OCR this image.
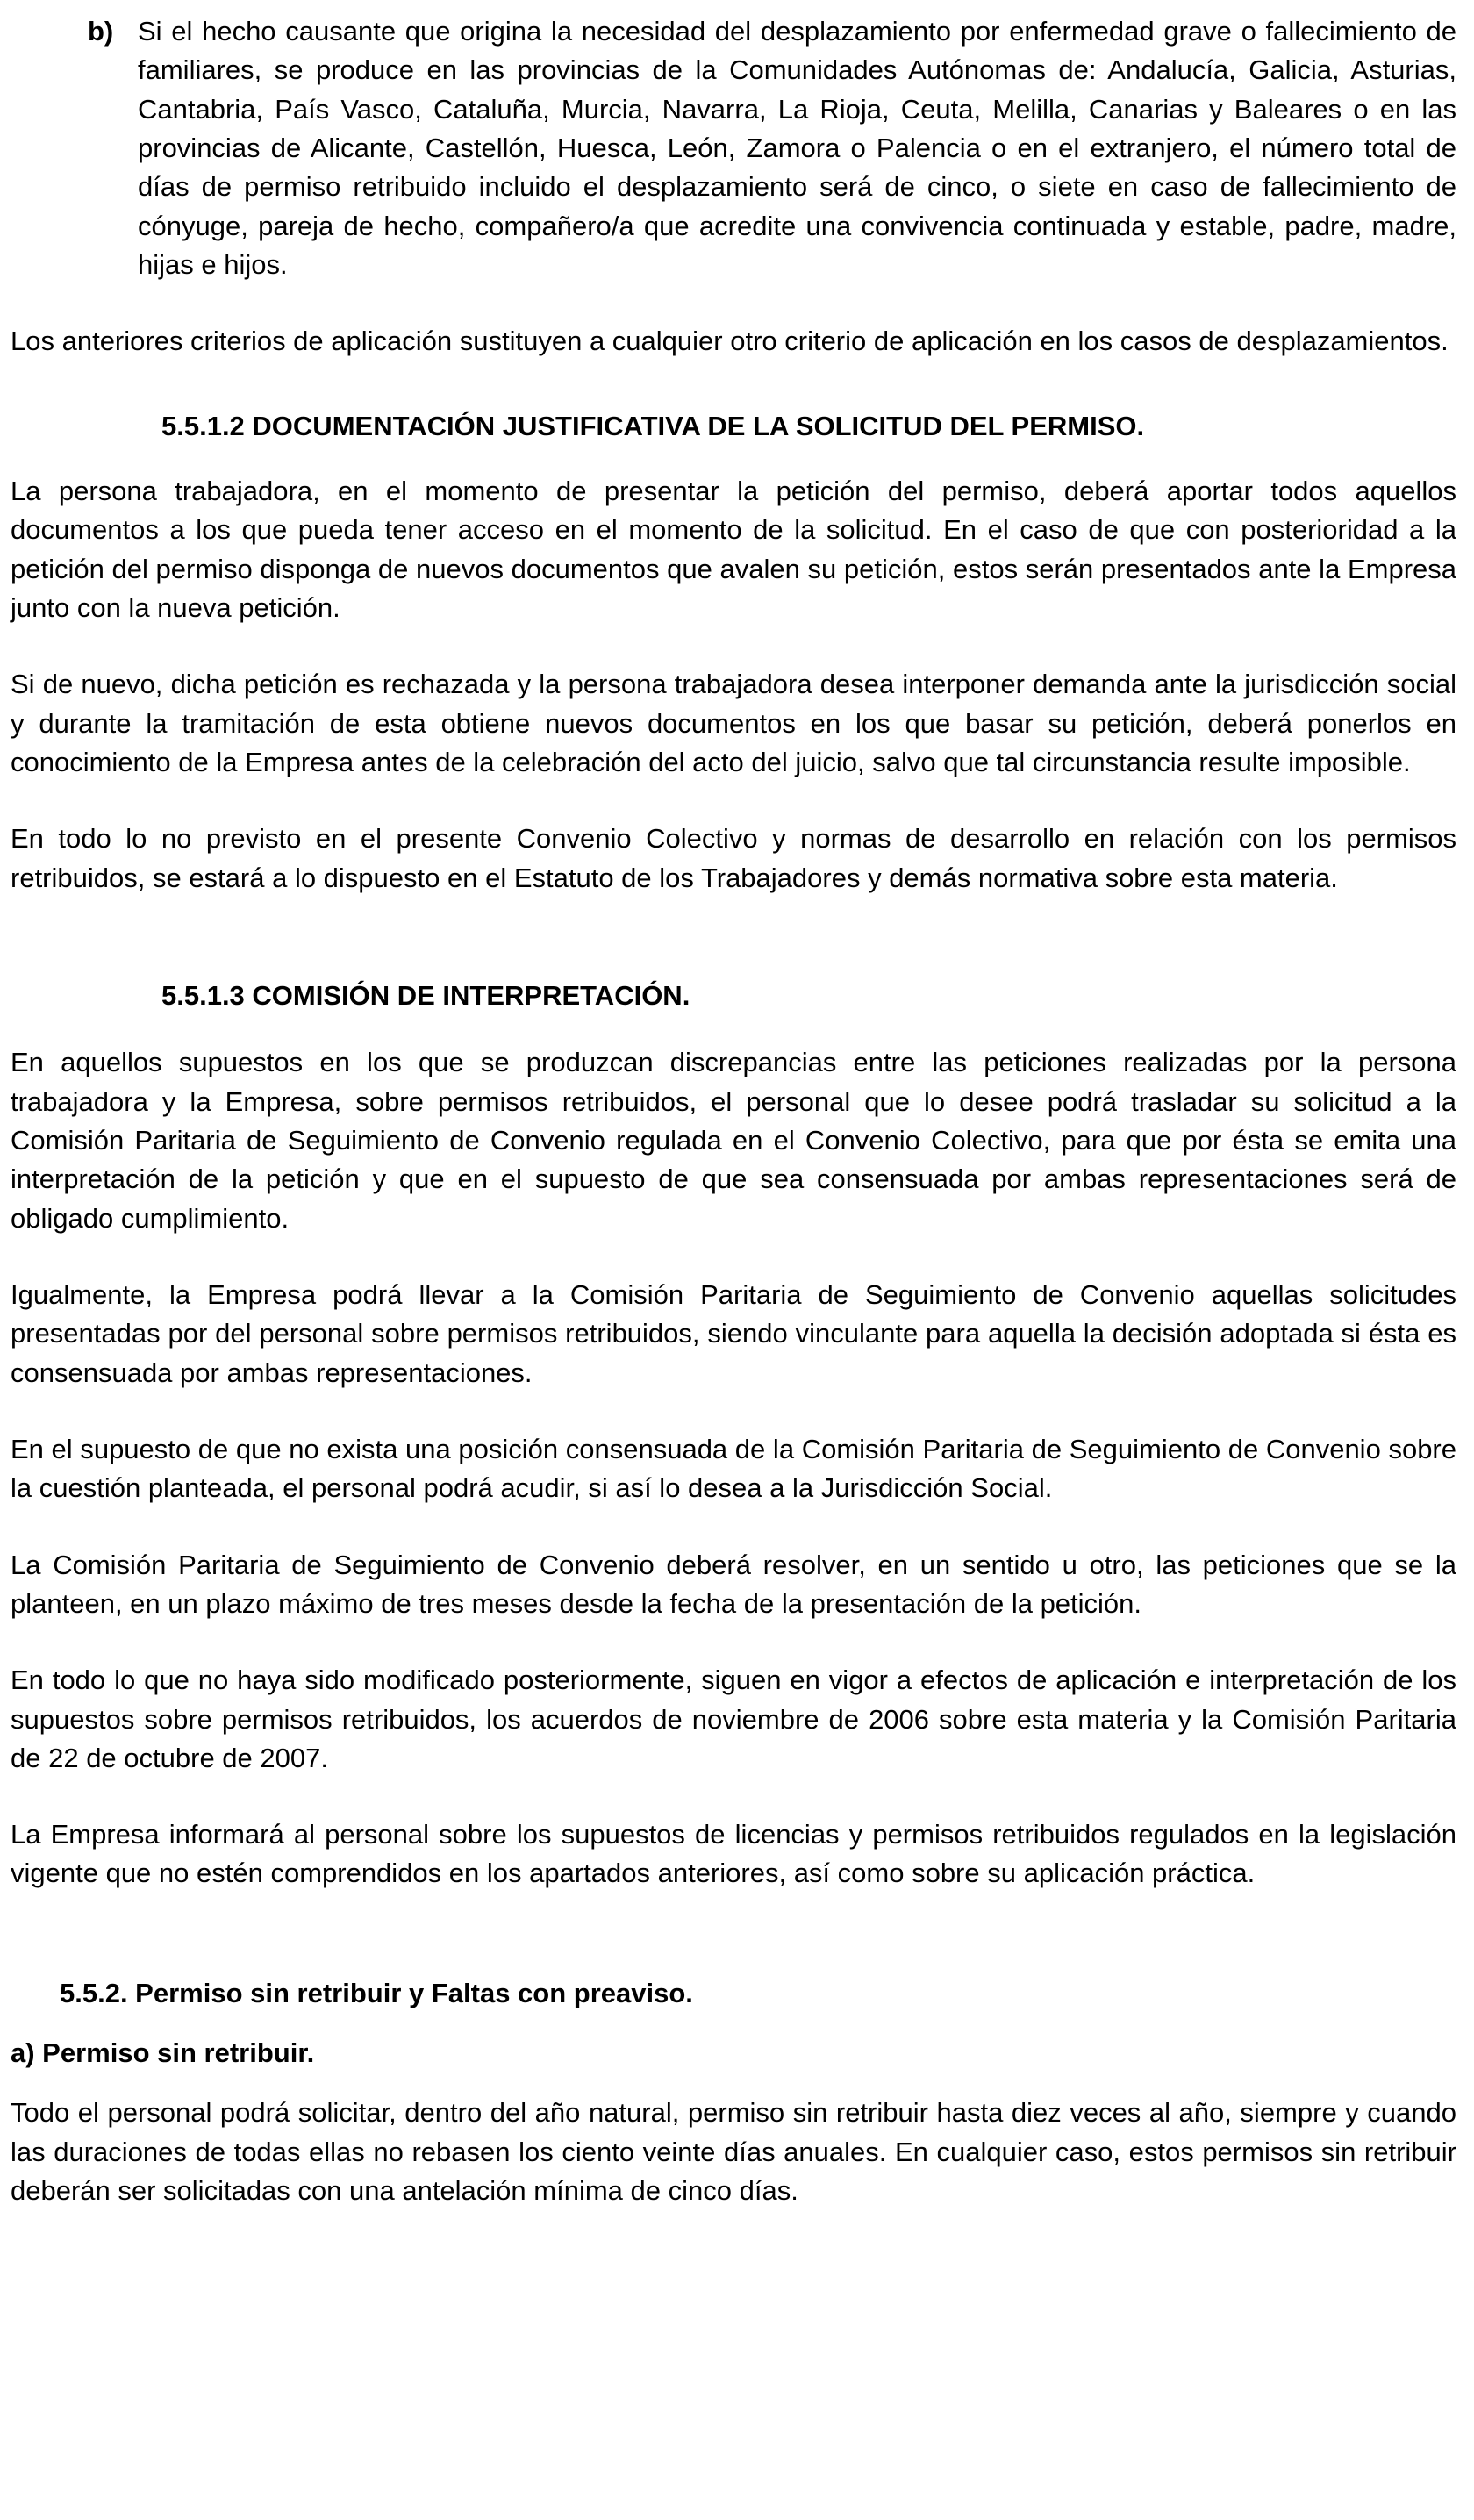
b) Si el hecho causante que origina la necesidad del desplazamiento por enfermedad grave o fallecimiento de familiares, se produce en las provincias de la Comunidades Autónomas de: Andalucía, Galicia, Asturias, Cantabria, País Vasco, Cataluña, Murcia, Navarra, La Rioja, Ceuta, Melilla, Canarias y Baleares o en las provincias de Alicante, Castellón, Huesca, León, Zamora o Palencia o en el extranjero, el número total de días de permiso retribuido incluido el desplazamiento será de cinco, o siete en caso de fallecimiento de cónyuge, pareja de hecho, compañero/a que acredite una convivencia continuada y estable, padre, madre, hijas e hijos.

Los anteriores criterios de aplicación sustituyen a cualquier otro criterio de aplicación en los casos de desplazamientos.

5.5.1.2 DOCUMENTACIÓN JUSTIFICATIVA DE LA SOLICITUD DEL PERMISO.

La persona trabajadora, en el momento de presentar la petición del permiso, deberá aportar todos aquellos documentos a los que pueda tener acceso en el momento de la solicitud. En el caso de que con posterioridad a la petición del permiso disponga de nuevos documentos que avalen su petición, estos serán presentados ante la Empresa junto con la nueva petición.

Si de nuevo, dicha petición es rechazada y la persona trabajadora desea interponer demanda ante la jurisdicción social y durante la tramitación de esta obtiene nuevos documentos en los que basar su petición, deberá ponerlos en conocimiento de la Empresa antes de la celebración del acto del juicio, salvo que tal circunstancia resulte imposible.

En todo lo no previsto en el presente Convenio Colectivo y normas de desarrollo en relación con los permisos retribuidos, se estará a lo dispuesto en el Estatuto de los Trabajadores y demás normativa sobre esta materia.

5.5.1.3 COMISIÓN DE INTERPRETACIÓN.

En aquellos supuestos en los que se produzcan discrepancias entre las peticiones realizadas por la persona trabajadora y la Empresa, sobre permisos retribuidos, el personal que lo desee podrá trasladar su solicitud a la Comisión Paritaria de Seguimiento de Convenio regulada en el Convenio Colectivo, para que por ésta se emita una interpretación de la petición y que en el supuesto de que sea consensuada por ambas representaciones será de obligado cumplimiento.

Igualmente, la Empresa podrá llevar a la Comisión Paritaria de Seguimiento de Convenio aquellas solicitudes presentadas por del personal sobre permisos retribuidos, siendo vinculante para aquella la decisión adoptada si ésta es consensuada por ambas representaciones.

En el supuesto de que no exista una posición consensuada de la Comisión Paritaria de Seguimiento de Convenio sobre la cuestión planteada, el personal podrá acudir, si así lo desea a la Jurisdicción Social.

La Comisión Paritaria de Seguimiento de Convenio deberá resolver, en un sentido u otro, las peticiones que se la planteen, en un plazo máximo de tres meses desde la fecha de la presentación de la petición.

En todo lo que no haya sido modificado posteriormente, siguen en vigor a efectos de aplicación e interpretación de los supuestos sobre permisos retribuidos, los acuerdos de noviembre de 2006 sobre esta materia y la Comisión Paritaria de 22 de octubre de 2007.

La Empresa informará al personal sobre los supuestos de licencias y permisos retribuidos regulados en la legislación vigente que no estén comprendidos en los apartados anteriores, así como sobre su aplicación práctica.

5.5.2. Permiso sin retribuir y Faltas con preaviso.
a) Permiso sin retribuir.

Todo el personal podrá solicitar, dentro del año natural, permiso sin retribuir hasta diez veces al año, siempre y cuando las duraciones de todas ellas no rebasen los ciento veinte días anuales. En cualquier caso, estos permisos sin retribuir deberán ser solicitadas con una antelación mínima de cinco días.
